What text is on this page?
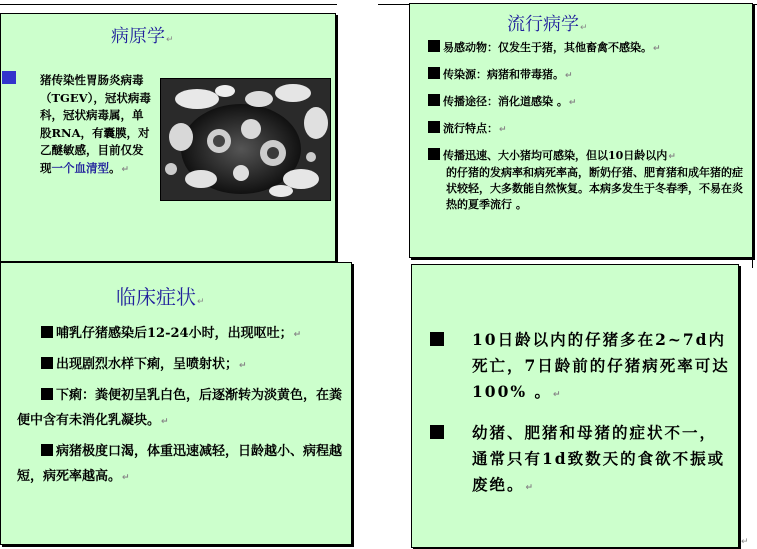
病原学↵
猪传染性胃肠炎病毒（TGEV），冠状病毒科，冠状病毒属，单股RNA，有囊膜，对乙醚敏感，目前仅发现一个血清型。↵
流行病学↵
易感动物：仅发生于猪，其他畜禽不感染。↵
传染源：病猪和带毒猪。↵
传播途径：消化道感染 。↵
流行特点：↵
传播迅速、大小猪均可感染，但以10日龄以内↵
的仔猪的发病率和病死率高，断奶仔猪、肥育猪和成年猪的症状较轻，大多数能自然恢复。本病多发生于冬春季，不易在炎热的夏季流行 。
临床症状↵
哺乳仔猪感染后12-24小时，出现呕吐；↵
出现剧烈水样下痢，呈喷射状；↵
下痢：粪便初呈乳白色，后逐渐转为淡黄色，在粪便中含有未消化乳凝块。↵
病猪极度口渴，体重迅速减轻，日龄越小、病程越短，病死率越高。↵
10日龄以内的仔猪多在2~7d内死亡，7日龄前的仔猪病死率可达100% 。↵
幼猪、肥猪和母猪的症状不一，通常只有1d致数天的食欲不振或废绝。↵
↵
